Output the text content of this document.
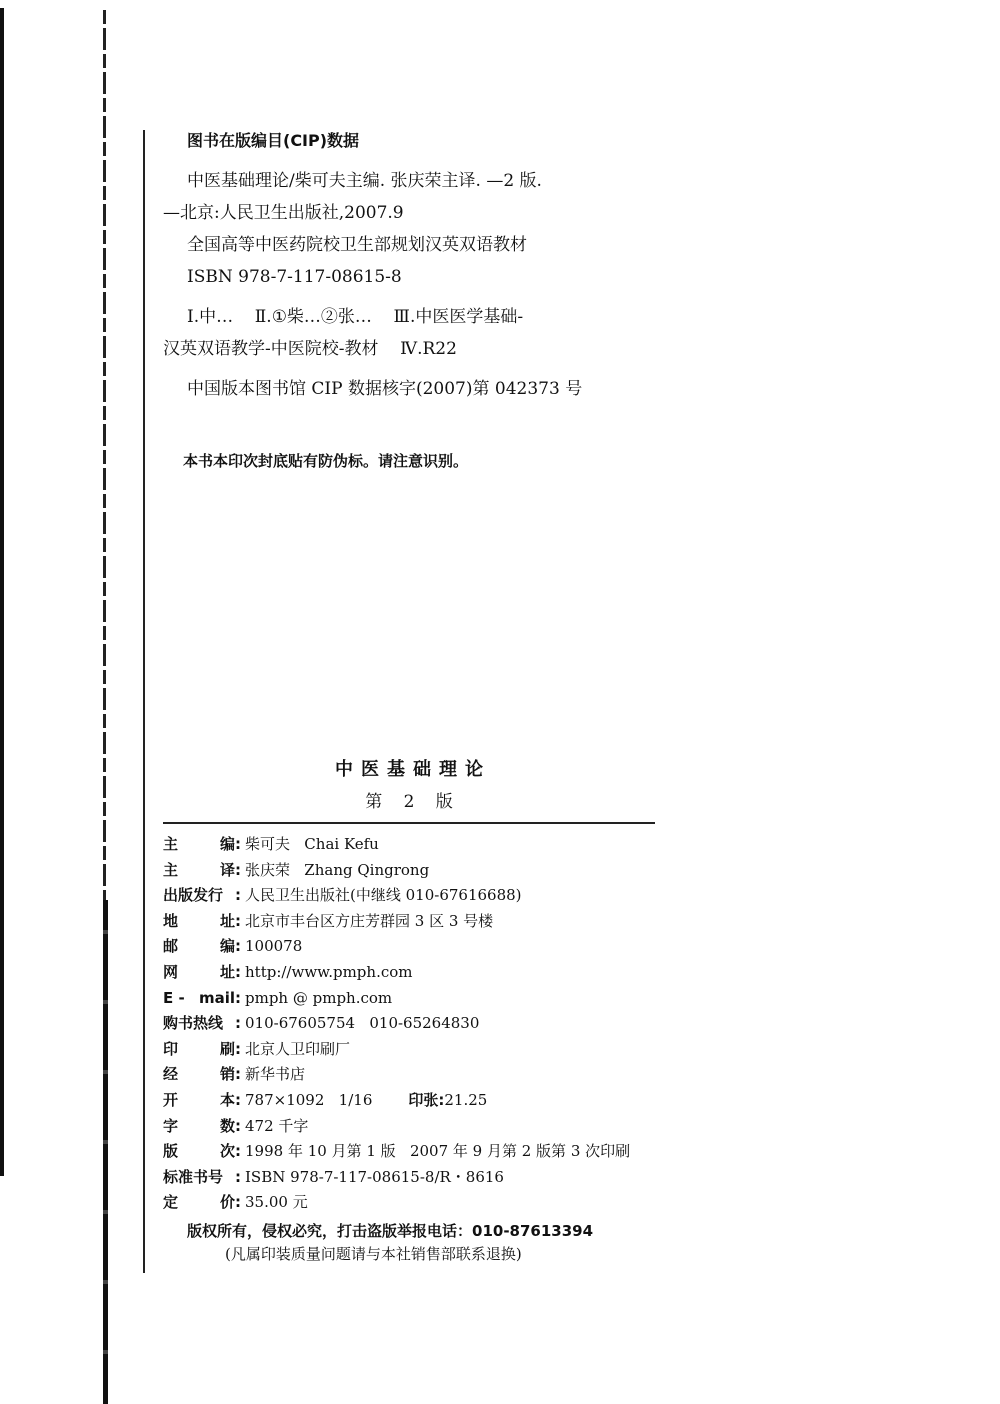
图书在版编目(CIP)数据
中医基础理论/柴可夫主编. 张庆荣主译. —2 版.
—北京:人民卫生出版社,2007.9
全国高等中医药院校卫生部规划汉英双语教材
ISBN 978-7-117-08615-8
Ⅰ.中…    Ⅱ.①柴…②张…    Ⅲ.中医医学基础-
汉英双语教学-中医院校-教材    Ⅳ.R22
中国版本图书馆 CIP 数据核字(2007)第 042373 号
本书本印次封底贴有防伪标。请注意识别。
中医基础理论
第 2 版
主	编 : 柴可夫   Chai Kefu
主	译 : 张庆荣   Zhang Qingrong
出版发行 : 人民卫生出版社(中继线 010-67616688)
地	址 : 北京市丰台区方庄芳群园 3 区 3 号楼
邮	编 : 100078
网	址 : http://www.pmph.com
E - mail : pmph @ pmph.com
购书热线 : 010-67605754   010-65264830
印	刷 : 北京人卫印刷厂
经	销 : 新华书店
开	本 : 787×1092   1/16 印张: 21.25
字	数 : 472 千字
版	次 : 1998 年 10 月第 1 版   2007 年 9 月第 2 版第 3 次印刷
标准书号 : ISBN 978-7-117-08615-8/R・8616
定	价 : 35.00 元
版权所有，侵权必究，打击盗版举报电话：010-87613394
(凡属印装质量问题请与本社销售部联系退换)
